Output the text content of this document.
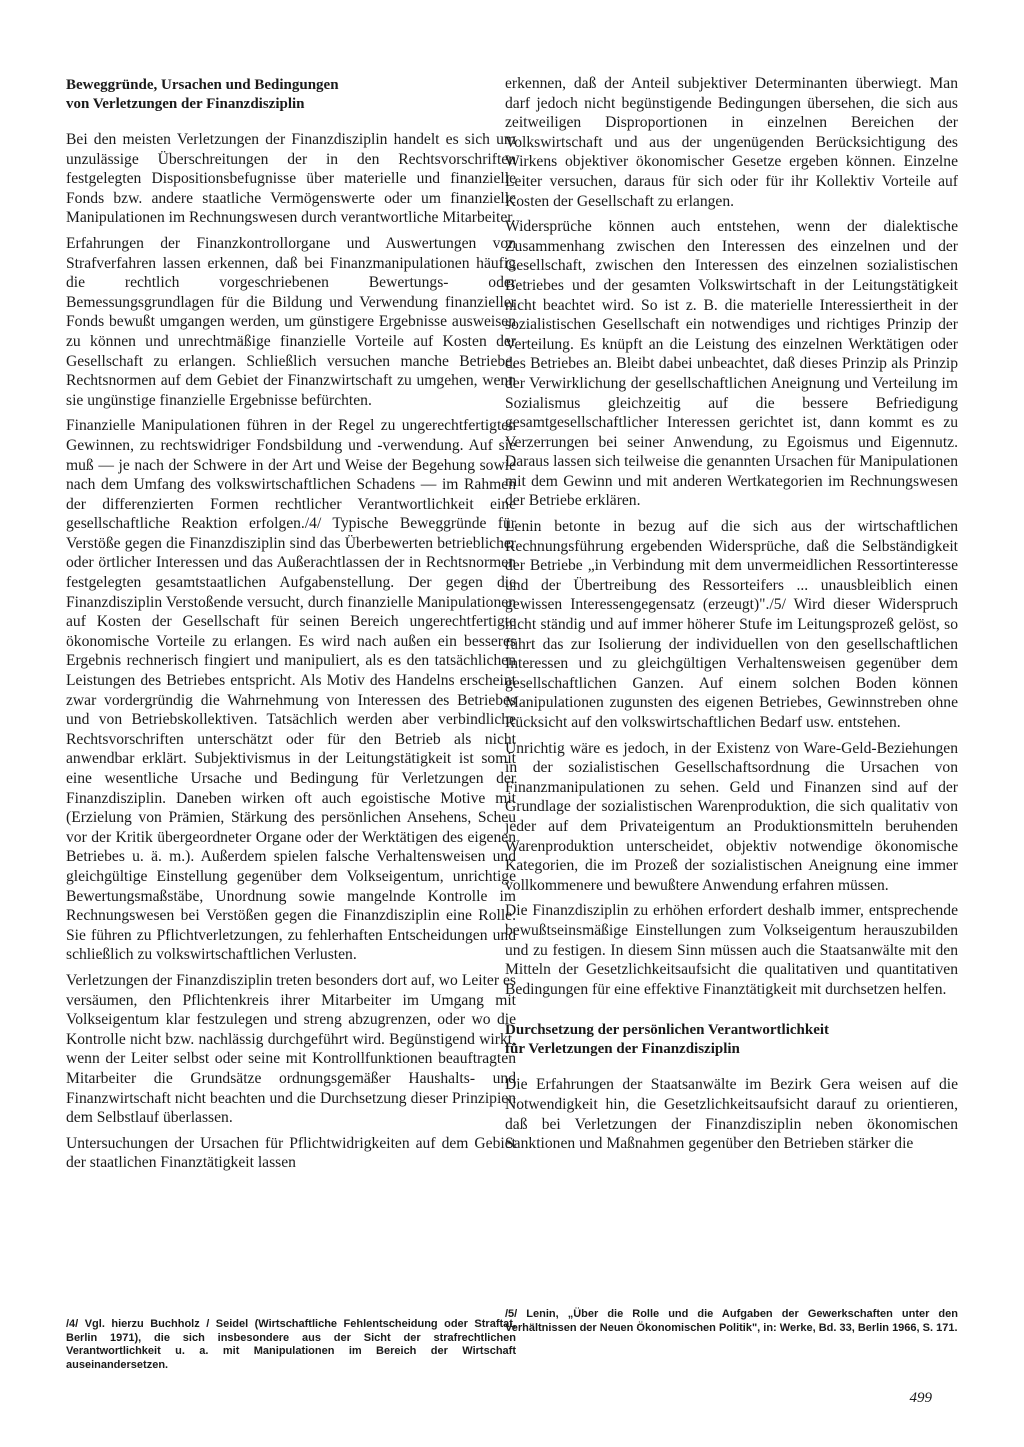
Beweggründe, Ursachen und Bedingungen
von Verletzungen der Finanzdisziplin

Bei den meisten Verletzungen der Finanzdisziplin handelt es sich um unzulässige Überschreitungen der in den Rechtsvorschriften festgelegten Dispositionsbefugnisse über materielle und finanzielle Fonds bzw. andere staatliche Vermögenswerte oder um finanzielle Manipulationen im Rechnungswesen durch verantwortliche Mitarbeiter.

Erfahrungen der Finanzkontrollorgane und Auswertungen von Strafverfahren lassen erkennen, daß bei Finanzmanipulationen häufig die rechtlich vorgeschriebenen Bewertungs- oder Bemessungsgrundlagen für die Bildung und Verwendung finanzieller Fonds bewußt umgangen werden, um günstigere Ergebnisse ausweisen zu können und unrechtmäßige finanzielle Vorteile auf Kosten der Gesellschaft zu erlangen. Schließlich versuchen manche Betriebe, Rechtsnormen auf dem Gebiet der Finanzwirtschaft zu umgehen, wenn sie ungünstige finanzielle Ergebnisse befürchten.

Finanzielle Manipulationen führen in der Regel zu ungerechtfertigten Gewinnen, zu rechtswidriger Fondsbildung und -verwendung. Auf sie muß — je nach der Schwere in der Art und Weise der Begehung sowie nach dem Umfang des volkswirtschaftlichen Schadens — im Rahmen der differenzierten Formen rechtlicher Verantwortlichkeit eine gesellschaftliche Reaktion erfolgen./4/ Typische Beweggründe für Verstöße gegen die Finanzdisziplin sind das Überbewerten betrieblicher oder örtlicher Interessen und das Außerachtlassen der in Rechtsnormen festgelegten gesamtstaatlichen Aufgabenstellung. Der gegen die Finanzdisziplin Verstoßende versucht, durch finanzielle Manipulationen auf Kosten der Gesellschaft für seinen Bereich ungerechtfertigte ökonomische Vorteile zu erlangen. Es wird nach außen ein besseres Ergebnis rechnerisch fingiert und manipuliert, als es den tatsächlichen Leistungen des Betriebes entspricht. Als Motiv des Handelns erscheint zwar vordergründig die Wahrnehmung von Interessen des Betriebes und von Betriebskollektiven. Tatsächlich werden aber verbindliche Rechtsvorschriften unterschätzt oder für den Betrieb als nicht anwendbar erklärt. Subjektivismus in der Leitungstätigkeit ist somit eine wesentliche Ursache und Bedingung für Verletzungen der Finanzdisziplin. Daneben wirken oft auch egoistische Motive mit (Erzielung von Prämien, Stärkung des persönlichen Ansehens, Scheu vor der Kritik übergeordneter Organe oder der Werktätigen des eigenen Betriebes u. ä. m.). Außerdem spielen falsche Verhaltensweisen und gleichgültige Einstellung gegenüber dem Volkseigentum, unrichtige Bewertungsmaßstäbe, Unordnung sowie mangelnde Kontrolle im Rechnungswesen bei Verstößen gegen die Finanzdisziplin eine Rolle. Sie führen zu Pflichtverletzungen, zu fehlerhaften Entscheidungen und schließlich zu volkswirtschaftlichen Verlusten.

Verletzungen der Finanzdisziplin treten besonders dort auf, wo Leiter es versäumen, den Pflichtenkreis ihrer Mitarbeiter im Umgang mit Volkseigentum klar festzulegen und streng abzugrenzen, oder wo die Kontrolle nicht bzw. nachlässig durchgeführt wird. Begünstigend wirkt, wenn der Leiter selbst oder seine mit Kontrollfunktionen beauftragten Mitarbeiter die Grundsätze ordnungsgemäßer Haushalts- und Finanzwirtschaft nicht beachten und die Durchsetzung dieser Prinzipien dem Selbstlauf überlassen.

Untersuchungen der Ursachen für Pflichtwidrigkeiten auf dem Gebiet der staatlichen Finanztätigkeit lassen

erkennen, daß der Anteil subjektiver Determinanten überwiegt. Man darf jedoch nicht begünstigende Bedingungen übersehen, die sich aus zeitweiligen Disproportionen in einzelnen Bereichen der Volkswirtschaft und aus der ungenügenden Berücksichtigung des Wirkens objektiver ökonomischer Gesetze ergeben können. Einzelne Leiter versuchen, daraus für sich oder für ihr Kollektiv Vorteile auf Kosten der Gesellschaft zu erlangen.

Widersprüche können auch entstehen, wenn der dialektische Zusammenhang zwischen den Interessen des einzelnen und der Gesellschaft, zwischen den Interessen des einzelnen sozialistischen Betriebes und der gesamten Volkswirtschaft in der Leitungstätigkeit nicht beachtet wird. So ist z. B. die materielle Interessiertheit in der sozialistischen Gesellschaft ein notwendiges und richtiges Prinzip der Verteilung. Es knüpft an die Leistung des einzelnen Werktätigen oder des Betriebes an. Bleibt dabei unbeachtet, daß dieses Prinzip als Prinzip der Verwirklichung der gesellschaftlichen Aneignung und Verteilung im Sozialismus gleichzeitig auf die bessere Befriedigung gesamtgesellschaftlicher Interessen gerichtet ist, dann kommt es zu Verzerrungen bei seiner Anwendung, zu Egoismus und Eigennutz. Daraus lassen sich teilweise die genannten Ursachen für Manipulationen mit dem Gewinn und mit anderen Wertkategorien im Rechnungswesen der Betriebe erklären.

Lenin betonte in bezug auf die sich aus der wirtschaftlichen Rechnungsführung ergebenden Widersprüche, daß die Selbständigkeit der Betriebe „in Verbindung mit dem unvermeidlichen Ressortinteresse und der Übertreibung des Ressorteifers ... unausbleiblich einen gewissen Interessengegensatz (erzeugt)"./5/ Wird dieser Widerspruch nicht ständig und auf immer höherer Stufe im Leitungsprozeß gelöst, so führt das zur Isolierung der individuellen von den gesellschaftlichen Interessen und zu gleichgültigen Verhaltensweisen gegenüber dem gesellschaftlichen Ganzen. Auf einem solchen Boden können Manipulationen zugunsten des eigenen Betriebes, Gewinnstreben ohne Rücksicht auf den volkswirtschaftlichen Bedarf usw. entstehen.

Unrichtig wäre es jedoch, in der Existenz von Ware-Geld-Beziehungen in der sozialistischen Gesellschaftsordnung die Ursachen von Finanzmanipulationen zu sehen. Geld und Finanzen sind auf der Grundlage der sozialistischen Warenproduktion, die sich qualitativ von jeder auf dem Privateigentum an Produktionsmitteln beruhenden Warenproduktion unterscheidet, objektiv notwendige ökonomische Kategorien, die im Prozeß der sozialistischen Aneignung eine immer vollkommenere und bewußtere Anwendung erfahren müssen.

Die Finanzdisziplin zu erhöhen erfordert deshalb immer, entsprechende bewußtseinsmäßige Einstellungen zum Volkseigentum herauszubilden und zu festigen. In diesem Sinn müssen auch die Staatsanwälte mit den Mitteln der Gesetzlichkeitsaufsicht die qualitativen und quantitativen Bedingungen für eine effektive Finanztätigkeit mit durchsetzen helfen.

Durchsetzung der persönlichen Verantwortlichkeit
für Verletzungen der Finanzdisziplin

Die Erfahrungen der Staatsanwälte im Bezirk Gera weisen auf die Notwendigkeit hin, die Gesetzlichkeitsaufsicht darauf zu orientieren, daß bei Verletzungen der Finanzdisziplin neben ökonomischen Sanktionen und Maßnahmen gegenüber den Betrieben stärker die

/4/ Vgl. hierzu Buchholz / Seidel (Wirtschaftliche Fehlentscheidung oder Straftat, Berlin 1971), die sich insbesondere aus der Sicht der strafrechtlichen Verantwortlichkeit u. a. mit Manipulationen im Bereich der Wirtschaft auseinandersetzen.
/5/ Lenin, „Über die Rolle und die Aufgaben der Gewerkschaften unter den Verhältnissen der Neuen Ökonomischen Politik", in: Werke, Bd. 33, Berlin 1966, S. 171.
499
